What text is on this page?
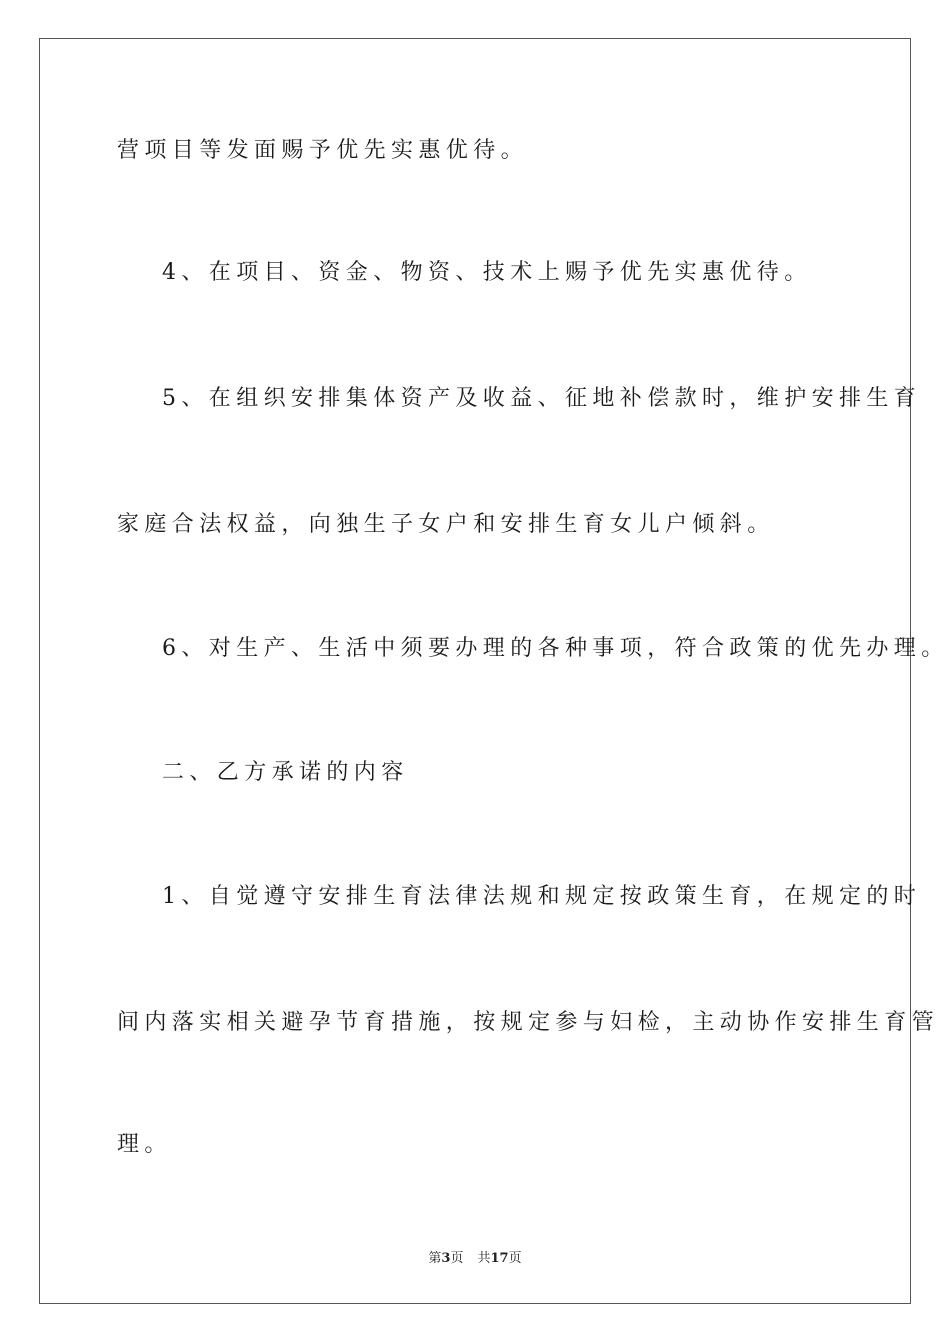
营项目等发面赐予优先实惠优待。
4、在项目、资金、物资、技术上赐予优先实惠优待。
5、在组织安排集体资产及收益、征地补偿款时，维护安排生育
家庭合法权益，向独生子女户和安排生育女儿户倾斜。
6、对生产、生活中须要办理的各种事项，符合政策的优先办理。
二、乙方承诺的内容
1、自觉遵守安排生育法律法规和规定按政策生育，在规定的时
间内落实相关避孕节育措施，按规定参与妇检，主动协作安排生育管
理。
第3页 共17页
